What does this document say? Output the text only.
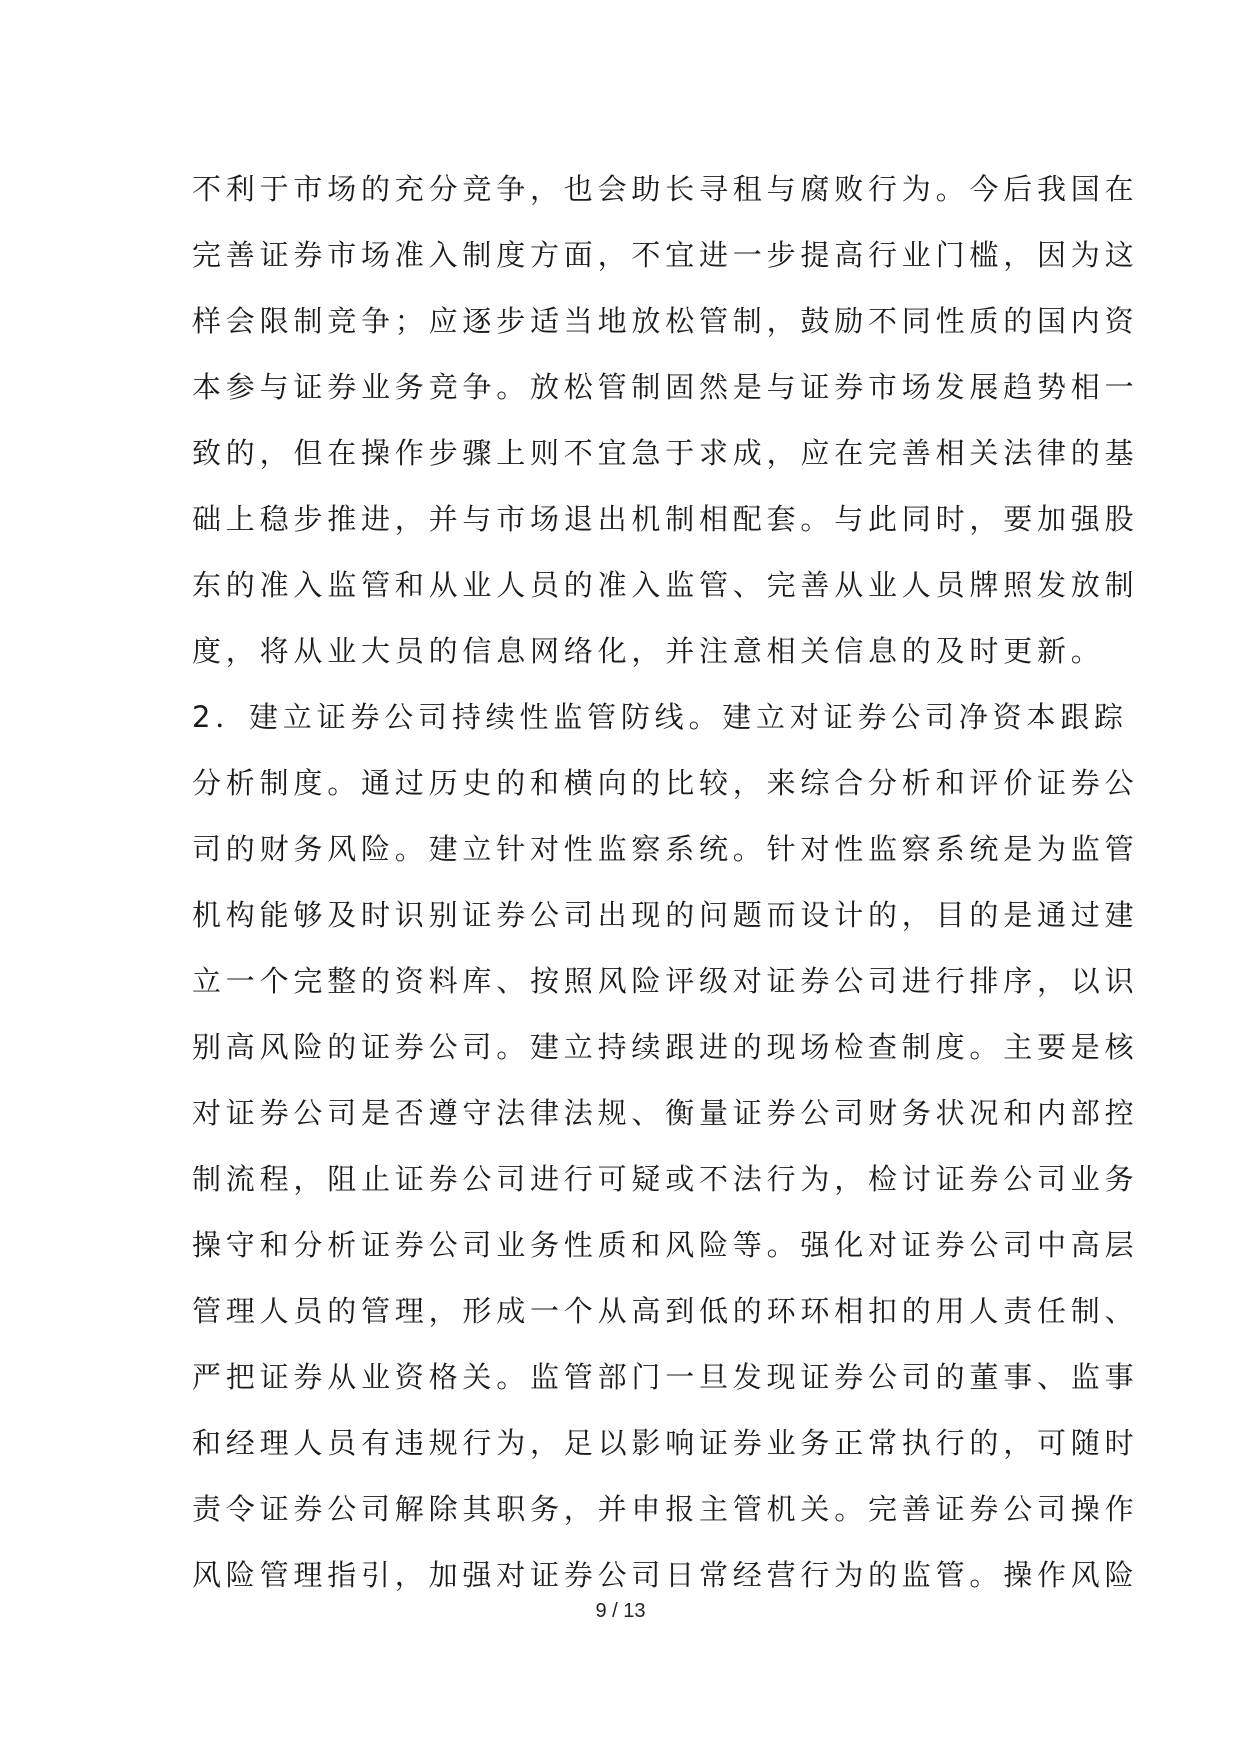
不利于市场的充分竞争，也会助长寻租与腐败行为。今后我国在
完善证券市场准入制度方面，不宜进一步提高行业门槛，因为这
样会限制竞争；应逐步适当地放松管制，鼓励不同性质的国内资
本参与证券业务竞争。放松管制固然是与证券市场发展趋势相一
致的，但在操作步骤上则不宜急于求成，应在完善相关法律的基
础上稳步推进，并与市场退出机制相配套。与此同时，要加强股
东的准入监管和从业人员的准入监管、完善从业人员牌照发放制
度，将从业大员的信息网络化，并注意相关信息的及时更新。
2．建立证券公司持续性监管防线。建立对证券公司净资本跟踪
分析制度。通过历史的和横向的比较，来综合分析和评价证券公
司的财务风险。建立针对性监察系统。针对性监察系统是为监管
机构能够及时识别证券公司出现的问题而设计的，目的是通过建
立一个完整的资料库、按照风险评级对证券公司进行排序，以识
别高风险的证券公司。建立持续跟进的现场检查制度。主要是核
对证券公司是否遵守法律法规、衡量证券公司财务状况和内部控
制流程，阻止证券公司进行可疑或不法行为，检讨证券公司业务
操守和分析证券公司业务性质和风险等。强化对证券公司中高层
管理人员的管理，形成一个从高到低的环环相扣的用人责任制、
严把证券从业资格关。监管部门一旦发现证券公司的董事、监事
和经理人员有违规行为，足以影响证券业务正常执行的，可随时
责令证券公司解除其职务，并申报主管机关。完善证券公司操作
风险管理指引，加强对证券公司日常经营行为的监管。操作风险
9 / 13
